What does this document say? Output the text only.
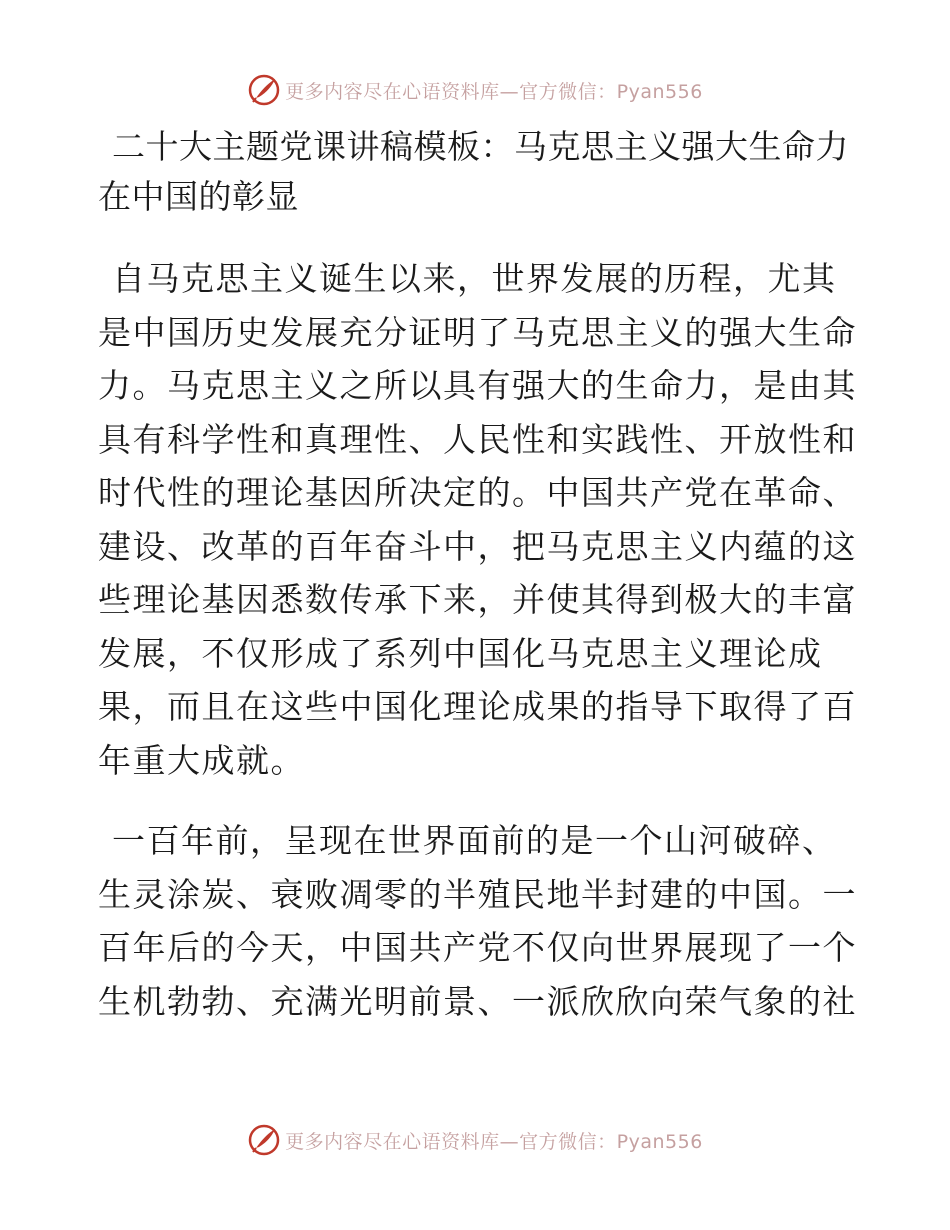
更多内容尽在心语资料库—官方微信：Pyan556
二十大主题党课讲稿模板：马克思主义强大生命力在中国的彰显

自马克思主义诞生以来，世界发展的历程，尤其是中国历史发展充分证明了马克思主义的强大生命力。马克思主义之所以具有强大的生命力，是由其具有科学性和真理性、人民性和实践性、开放性和时代性的理论基因所决定的。中国共产党在革命、建设、改革的百年奋斗中，把马克思主义内蕴的这些理论基因悉数传承下来，并使其得到极大的丰富发展，不仅形成了系列中国化马克思主义理论成果，而且在这些中国化理论成果的指导下取得了百年重大成就。

一百年前，呈现在世界面前的是一个山河破碎、生灵涂炭、衰败凋零的半殖民地半封建的中国。一百年后的今天，中国共产党不仅向世界展现了一个生机勃勃、充满光明前景、一派欣欣向荣气象的社

更多内容尽在心语资料库—官方微信：Pyan556
